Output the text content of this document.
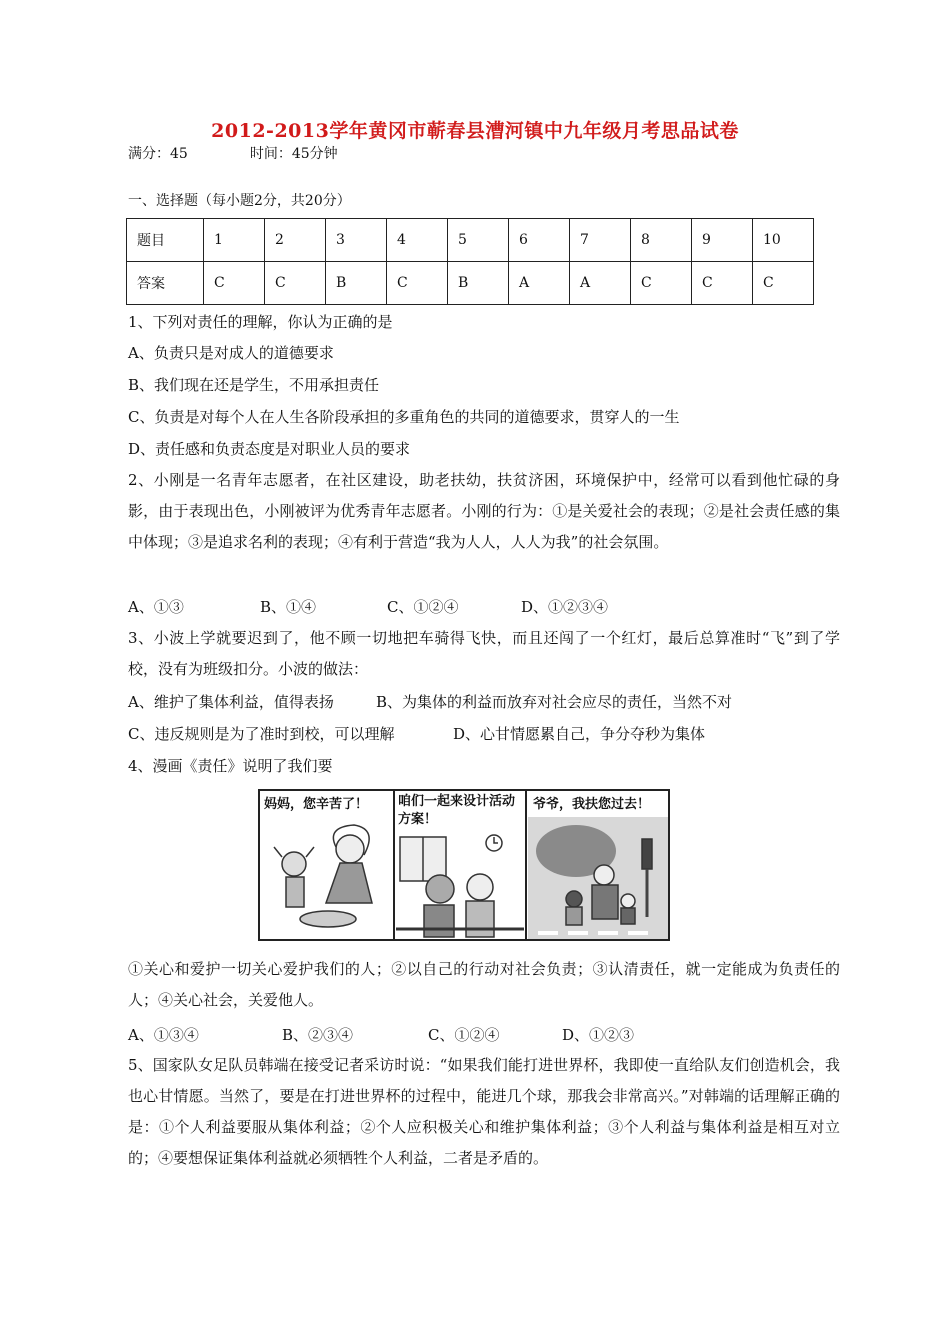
2012-2013学年黄冈市蕲春县漕河镇中九年级月考思品试卷
满分：45	时间：45分钟
一、选择题（每小题2分，共20分）
题目	1	2	3	4	5	6	7	8	9	10
答案	C	C	B	C	B	A	A	C	C	C
1、下列对责任的理解，你认为正确的是
A、负责只是对成人的道德要求
B、我们现在还是学生，不用承担责任
C、负责是对每个人在人生各阶段承担的多重角色的共同的道德要求，贯穿人的一生
D、责任感和负责态度是对职业人员的要求
2、小刚是一名青年志愿者，在社区建设，助老扶幼，扶贫济困，环境保护中，经常可以看到他忙碌的身影，由于表现出色，小刚被评为优秀青年志愿者。小刚的行为：①是关爱社会的表现；②是社会责任感的集中体现；③是追求名利的表现；④有利于营造“我为人人，人人为我”的社会氛围。
A、①③	B、①④	C、①②④	D、①②③④
3、小波上学就要迟到了，他不顾一切地把车骑得飞快，而且还闯了一个红灯，最后总算准时“飞”到了学校，没有为班级扣分。小波的做法：
A、维护了集体利益，值得表扬	B、为集体的利益而放弃对社会应尽的责任，当然不对
C、违反规则是为了准时到校，可以理解	D、心甘情愿累自己，争分夺秒为集体
4、漫画《责任》说明了我们要
妈妈，您辛苦了！ 咱们一起来设计活动方案！
爷爷，我扶您过去！
①关心和爱护一切关心爱护我们的人；②以自己的行动对社会负责；③认清责任，就一定能成为负责任的人；④关心社会，关爱他人。
A、①③④	B、②③④	C、①②④	D、①②③
5、国家队女足队员韩端在接受记者采访时说：“如果我们能打进世界杯，我即使一直给队友们创造机会，我也心甘情愿。当然了，要是在打进世界杯的过程中，能进几个球，那我会非常高兴。”对韩端的话理解正确的是：①个人利益要服从集体利益；②个人应积极关心和维护集体利益；③个人利益与集体利益是相互对立的；④要想保证集体利益就必须牺牲个人利益，二者是矛盾的。
